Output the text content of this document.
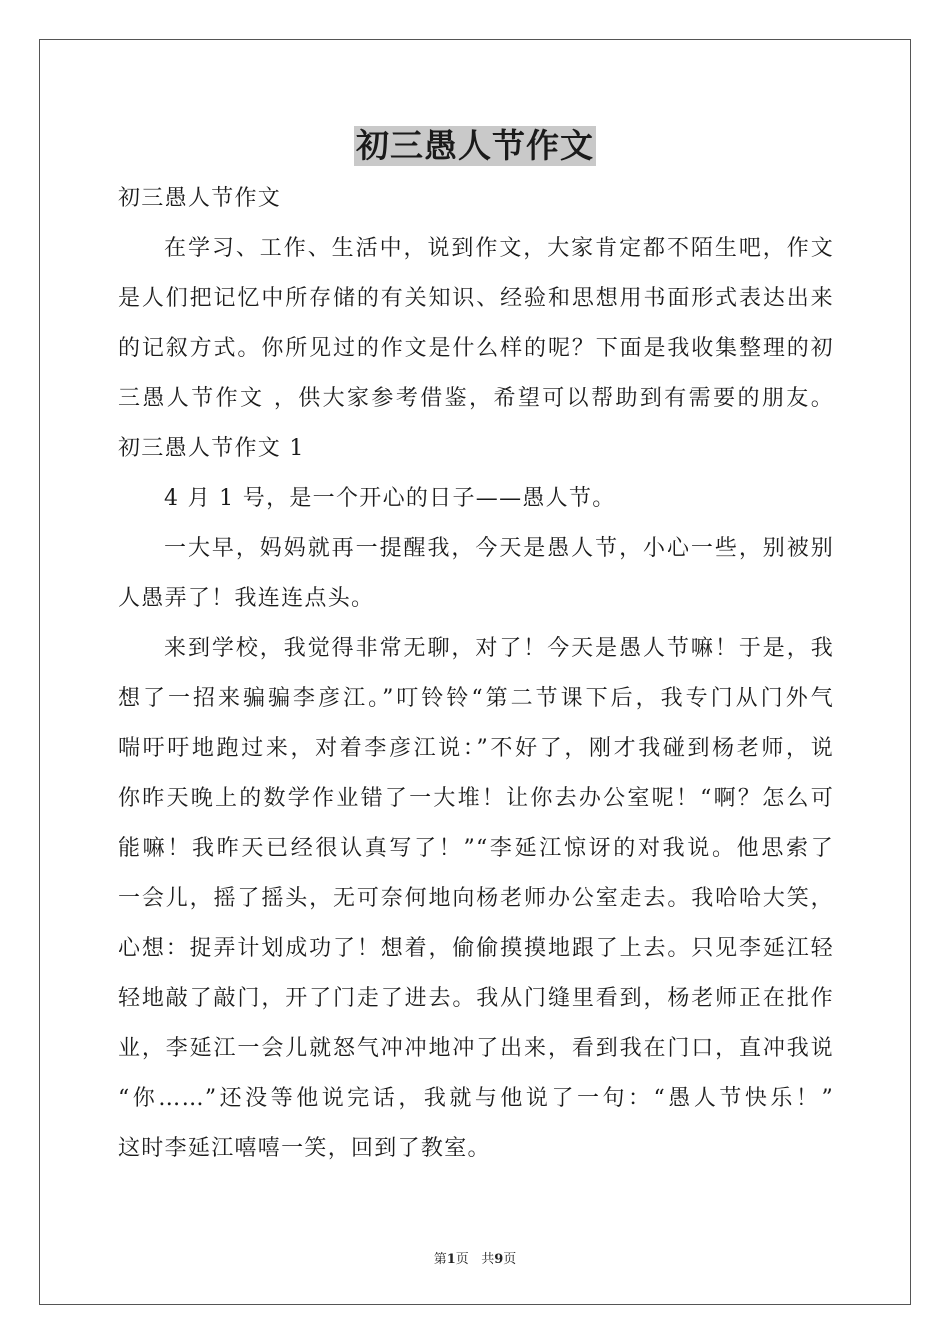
初三愚人节作文
初三愚人节作文
在学习、工作、生活中，说到作文，大家肯定都不陌生吧，作文
是人们把记忆中所存储的有关知识、经验和思想用书面形式表达出来
的记叙方式。你所见过的作文是什么样的呢？下面是我收集整理的初
三愚人节作文 ，供大家参考借鉴，希望可以帮助到有需要的朋友。
初三愚人节作文 1
4 月 1 号，是一个开心的日子——愚人节。
一大早，妈妈就再一提醒我，今天是愚人节，小心一些，别被别
人愚弄了！我连连点头。
来到学校，我觉得非常无聊，对了！今天是愚人节嘛！于是，我
想了一招来骗骗李彦江。”叮铃铃“第二节课下后，我专门从门外气
喘吁吁地跑过来，对着李彦江说：”不好了，刚才我碰到杨老师，说
你昨天晚上的数学作业错了一大堆！让你去办公室呢！“啊？怎么可
能嘛！我昨天已经很认真写了！”“李延江惊讶的对我说。他思索了
一会儿，摇了摇头，无可奈何地向杨老师办公室走去。我哈哈大笑，
心想：捉弄计划成功了！想着，偷偷摸摸地跟了上去。只见李延江轻
轻地敲了敲门，开了门走了进去。我从门缝里看到，杨老师正在批作
业，李延江一会儿就怒气冲冲地冲了出来，看到我在门口，直冲我说
“你……”还没等他说完话，我就与他说了一句：“愚人节快乐！”
这时李延江嘻嘻一笑，回到了教室。
第1页 共9页
